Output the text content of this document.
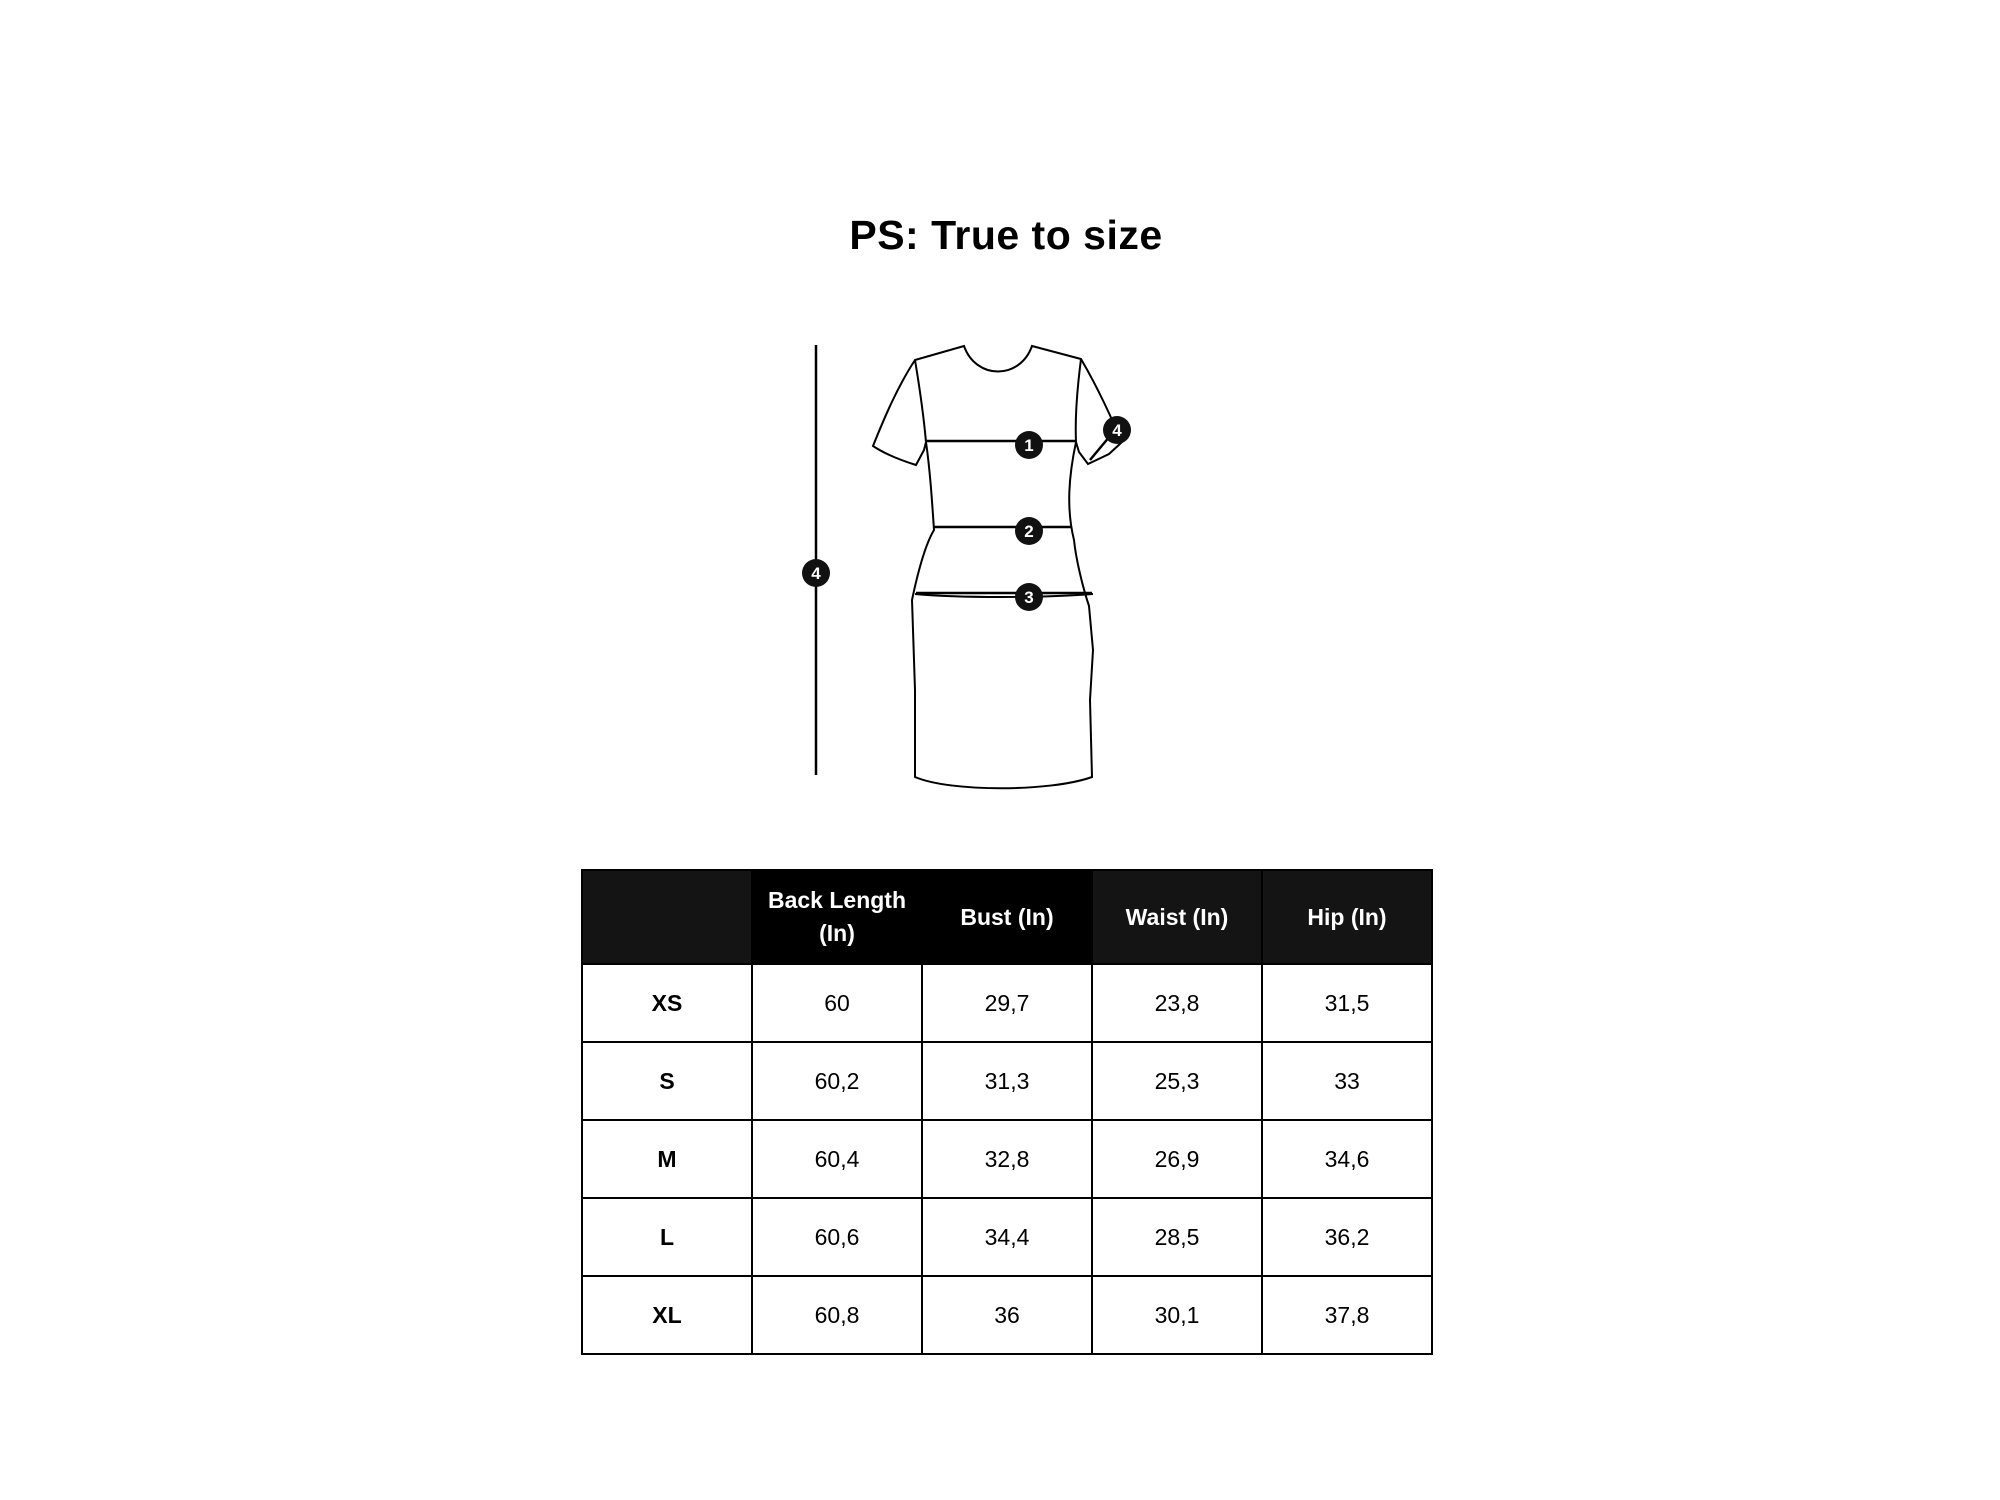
PS: True to size
1
2
3
4
4
	Back Length (In)	Bust (In)	Waist (In)	Hip (In)
XS	60	29,7	23,8	31,5
S	60,2	31,3	25,3	33
M	60,4	32,8	26,9	34,6
L	60,6	34,4	28,5	36,2
XL	60,8	36	30,1	37,8
